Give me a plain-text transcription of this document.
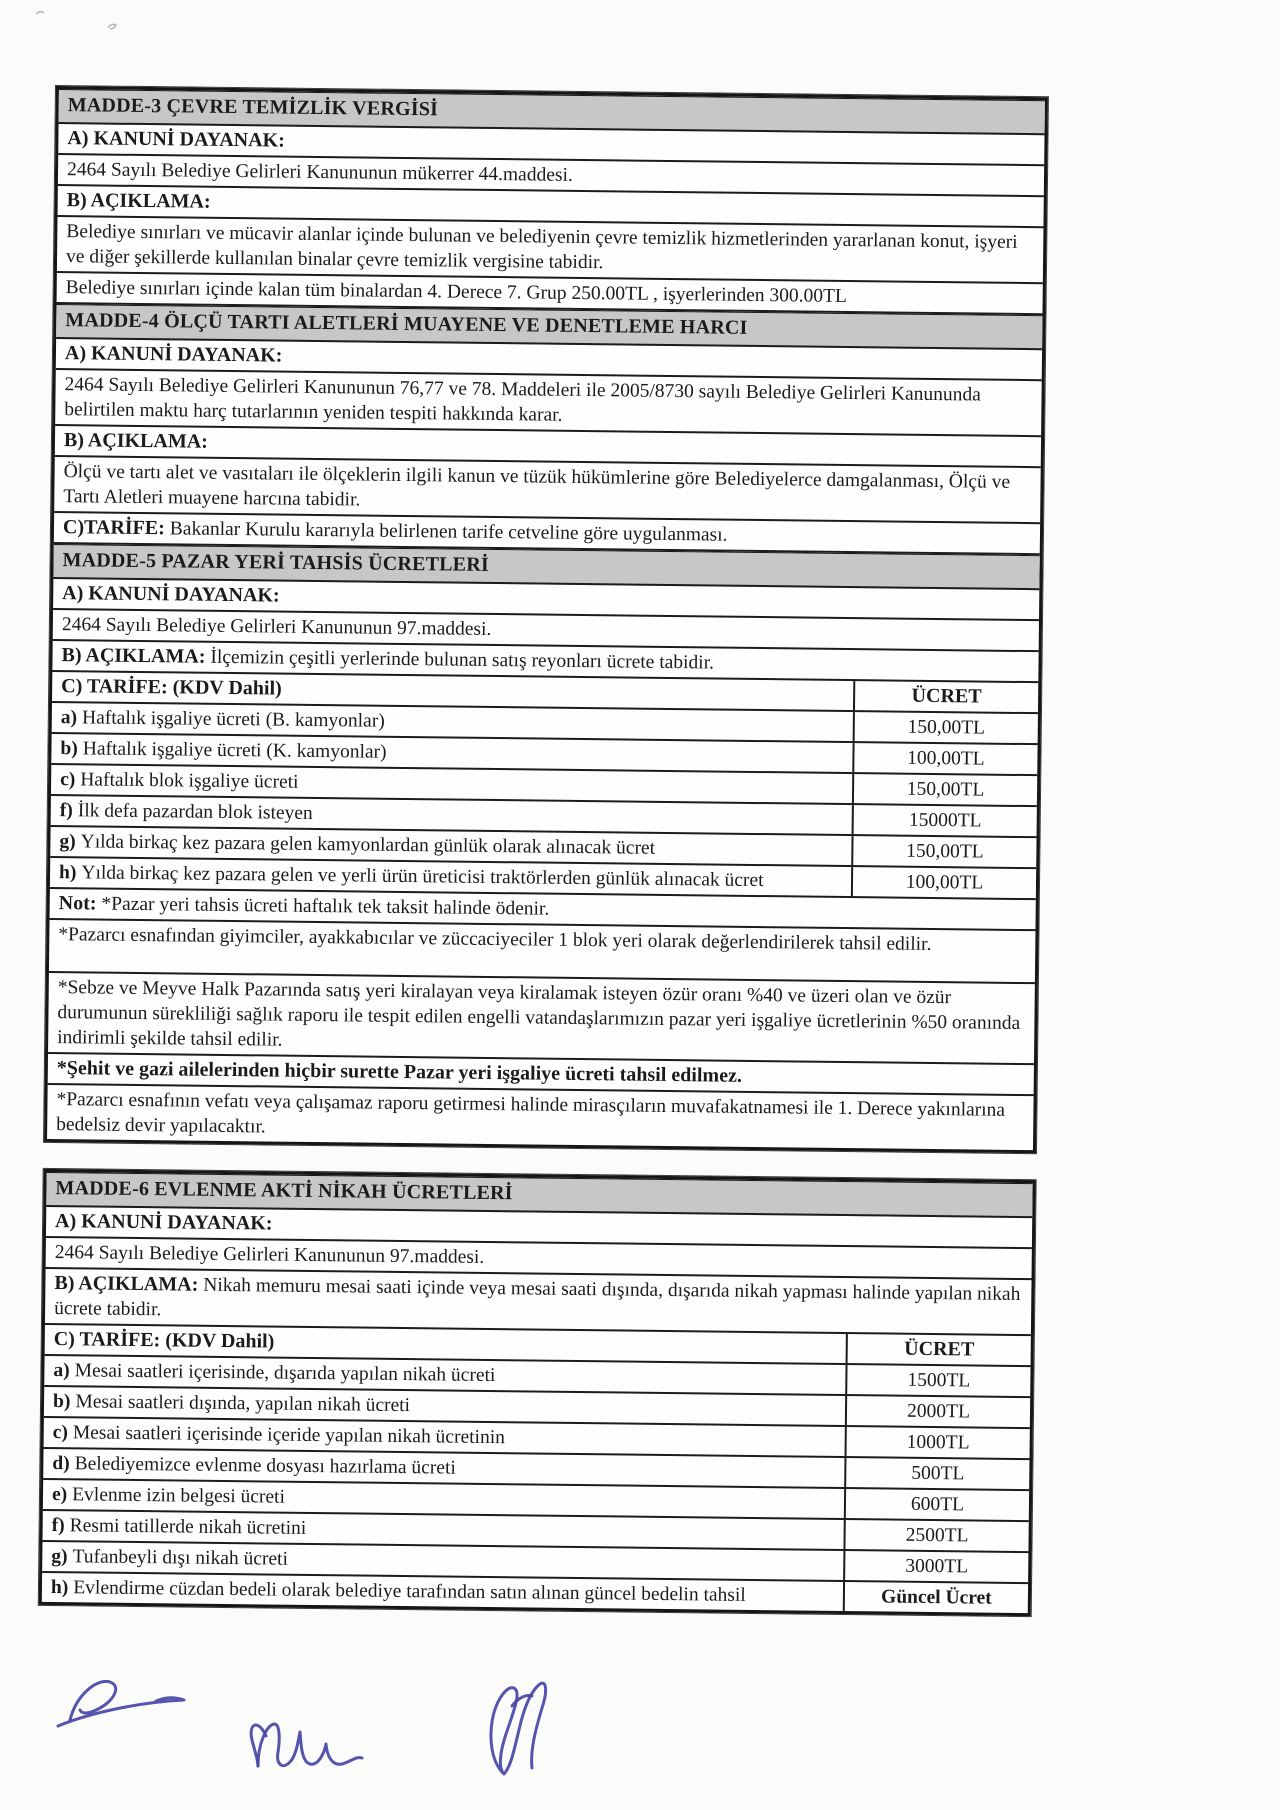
MADDE-3 ÇEVRE TEMİZLİK VERGİSİ
A) KANUNİ DAYANAK:
2464 Sayılı Belediye Gelirleri Kanununun mükerrer 44.maddesi.
B) AÇIKLAMA:
Belediye sınırları ve mücavir alanlar içinde bulunan ve belediyenin çevre temizlik hizmetlerinden yararlanan konut, işyeri ve diğer şekillerde kullanılan binalar çevre temizlik vergisine tabidir.
Belediye sınırları içinde kalan tüm binalardan 4. Derece 7. Grup 250.00TL , işyerlerinden 300.00TL
MADDE-4 ÖLÇÜ TARTI ALETLERİ MUAYENE VE DENETLEME HARCI
A) KANUNİ DAYANAK:
2464 Sayılı Belediye Gelirleri Kanununun 76,77 ve 78. Maddeleri ile 2005/8730 sayılı Belediye Gelirleri Kanununda belirtilen maktu harç tutarlarının yeniden tespiti hakkında karar.
B) AÇIKLAMA:
Ölçü ve tartı alet ve vasıtaları ile ölçeklerin ilgili kanun ve tüzük hükümlerine göre Belediyelerce damgalanması, Ölçü ve Tartı Aletleri muayene harcına tabidir.
C)TARİFE: Bakanlar Kurulu kararıyla belirlenen tarife cetveline göre uygulanması.
MADDE-5 PAZAR YERİ TAHSİS ÜCRETLERİ
A) KANUNİ DAYANAK:
2464 Sayılı Belediye Gelirleri Kanununun 97.maddesi.
B) AÇIKLAMA: İlçemizin çeşitli yerlerinde bulunan satış reyonları ücrete tabidir.
C) TARİFE: (KDV Dahil)	ÜCRET
a) Haftalık işgaliye ücreti (B. kamyonlar)	150,00TL
b) Haftalık işgaliye ücreti (K. kamyonlar)	100,00TL
c) Haftalık blok işgaliye ücreti	150,00TL
f) İlk defa pazardan blok isteyen	15000TL
g) Yılda birkaç kez pazara gelen kamyonlardan günlük olarak alınacak ücret	150,00TL
h) Yılda birkaç kez pazara gelen ve yerli ürün üreticisi traktörlerden günlük alınacak ücret	100,00TL
Not: *Pazar yeri tahsis ücreti haftalık tek taksit halinde ödenir.
*Pazarcı esnafından giyimciler, ayakkabıcılar ve züccaciyeciler 1 blok yeri olarak değerlendirilerek tahsil edilir.
*Sebze ve Meyve Halk Pazarında satış yeri kiralayan veya kiralamak isteyen özür oranı %40 ve üzeri olan ve özür durumunun sürekliliği sağlık raporu ile tespit edilen engelli vatandaşlarımızın pazar yeri işgaliye ücretlerinin %50 oranında indirimli şekilde tahsil edilir.
*Şehit ve gazi ailelerinden hiçbir surette Pazar yeri işgaliye ücreti tahsil edilmez.
*Pazarcı esnafının vefatı veya çalışamaz raporu getirmesi halinde mirasçıların muvafakatnamesi ile 1. Derece yakınlarına bedelsiz devir yapılacaktır.
MADDE-6 EVLENME AKTİ NİKAH ÜCRETLERİ
A) KANUNİ DAYANAK:
2464 Sayılı Belediye Gelirleri Kanununun 97.maddesi.
B) AÇIKLAMA: Nikah memuru mesai saati içinde veya mesai saati dışında, dışarıda nikah yapması halinde yapılan nikah ücrete tabidir.
C) TARİFE: (KDV Dahil)	ÜCRET
a) Mesai saatleri içerisinde, dışarıda yapılan nikah ücreti	1500TL
b) Mesai saatleri dışında, yapılan nikah ücreti	2000TL
c) Mesai saatleri içerisinde içeride yapılan nikah ücretinin	1000TL
d) Belediyemizce evlenme dosyası hazırlama ücreti	500TL
e) Evlenme izin belgesi ücreti	600TL
f) Resmi tatillerde nikah ücretini	2500TL
g) Tufanbeyli dışı nikah ücreti	3000TL
h) Evlendirme cüzdan bedeli olarak belediye tarafından satın alınan güncel bedelin tahsil	Güncel Ücret
